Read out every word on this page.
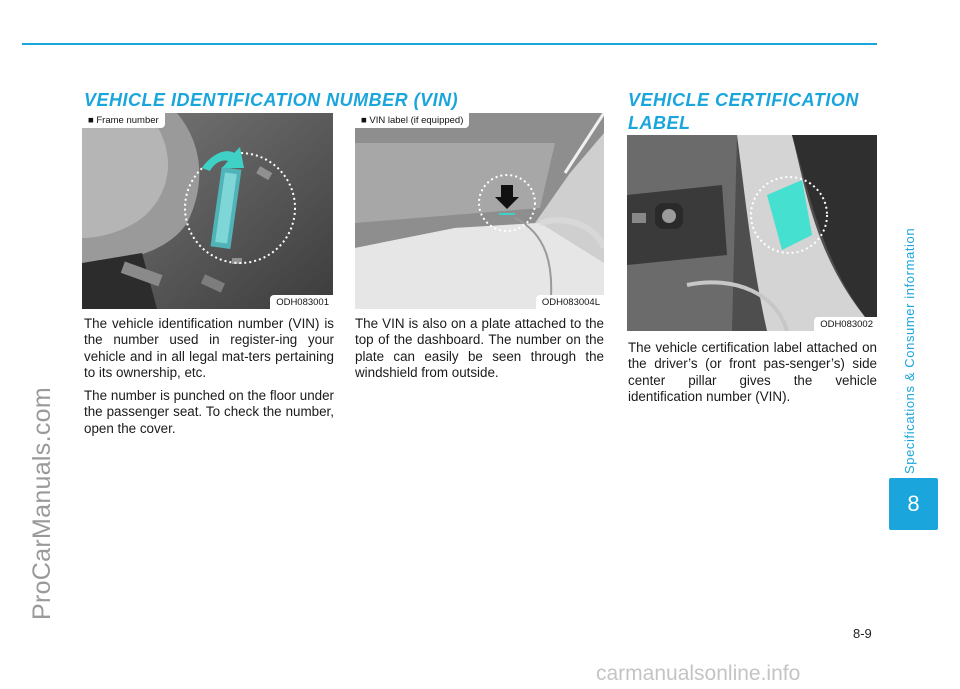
ProCarManuals.com
Specifications & Consumer information
8
VEHICLE IDENTIFICATION NUMBER (VIN)
■ Frame number
ODH083001
■ VIN label (if equipped)
ODH083004L

The vehicle identification number (VIN) is the number used in register-ing your vehicle and in all legal mat-ters pertaining to its ownership, etc.

The number is punched on the floor under the passenger seat. To check the number, open the cover.

The VIN is also on a plate attached to the top of the dashboard. The number on the plate can easily be seen through the windshield from outside.

VEHICLE CERTIFICATION
LABEL
ODH083002

The vehicle certification label attached on the driver’s (or front pas-senger’s) side center pillar gives the vehicle identification number (VIN).

8-9
carmanualsonline.info
